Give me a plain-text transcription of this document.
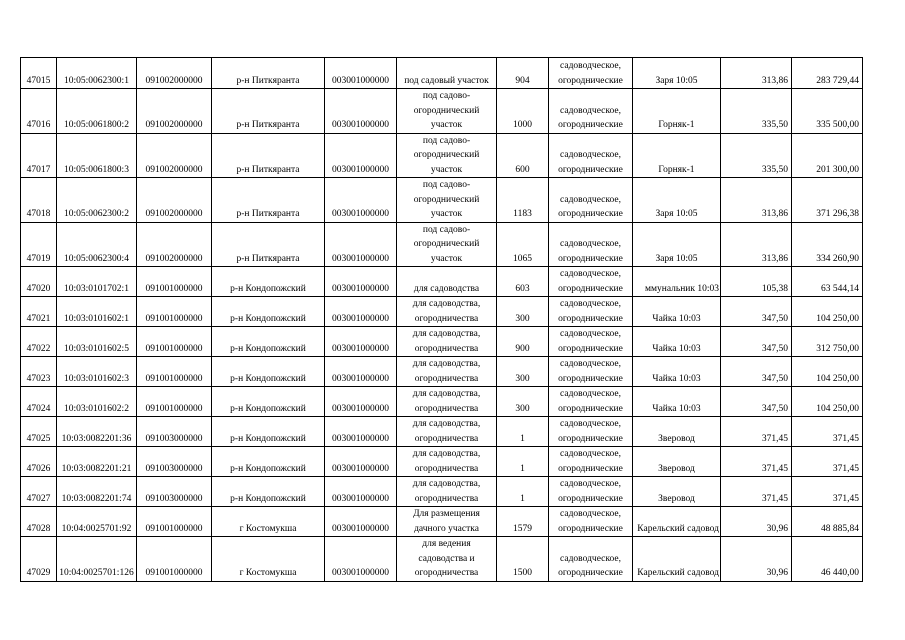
47015	10:05:0062300:1	091002000000	р-н Питкяранта	003001000000	под садовый участок	904	садоводческое, огороднические	Заря 10:05	313,86	283 729,44
47016	10:05:0061800:2	091002000000	р-н Питкяранта	003001000000	под садово-огороднический участок	1000	садоводческое, огороднические	Горняк-1	335,50	335 500,00
47017	10:05:0061800:3	091002000000	р-н Питкяранта	003001000000	под садово-огороднический участок	600	садоводческое, огороднические	Горняк-1	335,50	201 300,00
47018	10:05:0062300:2	091002000000	р-н Питкяранта	003001000000	под садово-огороднический участок	1183	садоводческое, огороднические	Заря 10:05	313,86	371 296,38
47019	10:05:0062300:4	091002000000	р-н Питкяранта	003001000000	под садово-огороднический участок	1065	садоводческое, огороднические	Заря 10:05	313,86	334 260,90
47020	10:03:0101702:1	091001000000	р-н Кондопожский	003001000000	для садоводства	603	садоводческое, огороднические	ммунальник 10:03	105,38	63 544,14
47021	10:03:0101602:1	091001000000	р-н Кондопожский	003001000000	для садоводства, огородничества	300	садоводческое, огороднические	Чайка 10:03	347,50	104 250,00
47022	10:03:0101602:5	091001000000	р-н Кондопожский	003001000000	для садоводства, огородничества	900	садоводческое, огороднические	Чайка 10:03	347,50	312 750,00
47023	10:03:0101602:3	091001000000	р-н Кондопожский	003001000000	для садоводства, огородничества	300	садоводческое, огороднические	Чайка 10:03	347,50	104 250,00
47024	10:03:0101602:2	091001000000	р-н Кондопожский	003001000000	для садоводства, огородничества	300	садоводческое, огороднические	Чайка 10:03	347,50	104 250,00
47025	10:03:0082201:36	091003000000	р-н Кондопожский	003001000000	для садоводства, огородничества	1	садоводческое, огороднические	Зверовод	371,45	371,45
47026	10:03:0082201:21	091003000000	р-н Кондопожский	003001000000	для садоводства, огородничества	1	садоводческое, огороднические	Зверовод	371,45	371,45
47027	10:03:0082201:74	091003000000	р-н Кондопожский	003001000000	для садоводства, огородничества	1	садоводческое, огороднические	Зверовод	371,45	371,45
47028	10:04:0025701:92	091001000000	г Костомукша	003001000000	Для размещения дачного участка	1579	садоводческое, огороднические	Карельский садовод	30,96	48 885,84
47029	10:04:0025701:126	091001000000	г Костомукша	003001000000	для ведения садоводства и огородничества	1500	садоводческое, огороднические	Карельский садовод	30,96	46 440,00
